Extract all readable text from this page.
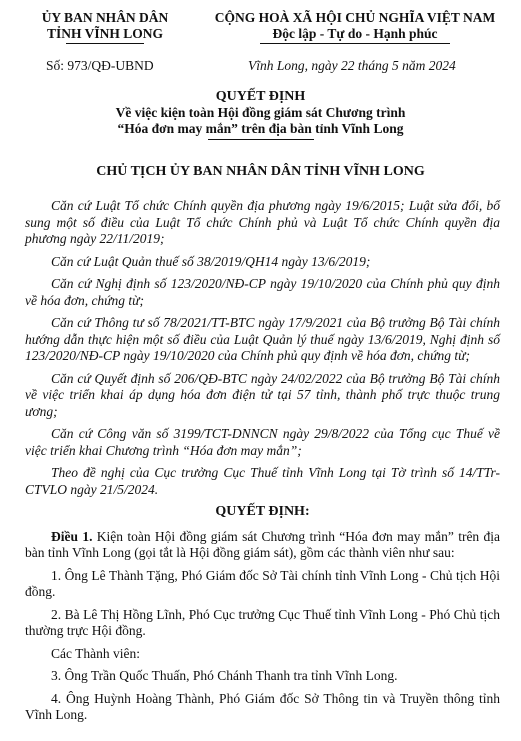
ỦY BAN NHÂN DÂN
TỈNH VĨNH LONG
CỘNG HOÀ XÃ HỘI CHỦ NGHĨA VIỆT NAM
Độc lập - Tự do - Hạnh phúc
Số: 973/QĐ-UBND	Vĩnh Long, ngày 22 tháng 5 năm 2024
QUYẾT ĐỊNH
Về việc kiện toàn Hội đồng giám sát Chương trình
“Hóa đơn may mắn” trên địa bàn tỉnh Vĩnh Long
CHỦ TỊCH ỦY BAN NHÂN DÂN TỈNH VĨNH LONG

Căn cứ Luật Tổ chức Chính quyền địa phương ngày 19/6/2015; Luật sửa đổi, bổ sung một số điều của Luật Tổ chức Chính phủ và Luật Tổ chức Chính quyền địa phương ngày 22/11/2019;

Căn cứ Luật Quản thuế số 38/2019/QH14 ngày 13/6/2019;

Căn cứ Nghị định số 123/2020/NĐ-CP ngày 19/10/2020 của Chính phủ quy định về hóa đơn, chứng từ;

Căn cứ Thông tư số 78/2021/TT-BTC ngày 17/9/2021 của Bộ trưởng Bộ Tài chính hướng dẫn thực hiện một số điều của Luật Quản lý thuế ngày 13/6/2019, Nghị định số 123/2020/NĐ-CP ngày 19/10/2020 của Chính phủ quy định về hóa đơn, chứng từ;

Căn cứ Quyết định số 206/QĐ-BTC ngày 24/02/2022 của Bộ trưởng Bộ Tài chính về việc triển khai áp dụng hóa đơn điện tử tại 57 tỉnh, thành phố trực thuộc trung ương;

Căn cứ Công văn số 3199/TCT-DNNCN ngày 29/8/2022 của Tổng cục Thuế về việc triển khai Chương trình “Hóa đơn may mắn”;

Theo đề nghị của Cục trưởng Cục Thuế tỉnh Vĩnh Long tại Tờ trình số 14/TTr-CTVLO ngày 21/5/2024.

QUYẾT ĐỊNH:

Điều 1. Kiện toàn Hội đồng giám sát Chương trình “Hóa đơn may mắn” trên địa bàn tỉnh Vĩnh Long (gọi tắt là Hội đồng giám sát), gồm các thành viên như sau:

1. Ông Lê Thành Tặng, Phó Giám đốc Sở Tài chính tỉnh Vĩnh Long - Chủ tịch Hội đồng.

2. Bà Lê Thị Hồng Lĩnh, Phó Cục trưởng Cục Thuế tỉnh Vĩnh Long - Phó Chủ tịch thường trực Hội đồng.

Các Thành viên:

3. Ông Trần Quốc Thuấn, Phó Chánh Thanh tra tỉnh Vĩnh Long.

4. Ông Huỳnh Hoàng Thành, Phó Giám đốc Sở Thông tin và Truyền thông tỉnh Vĩnh Long.
